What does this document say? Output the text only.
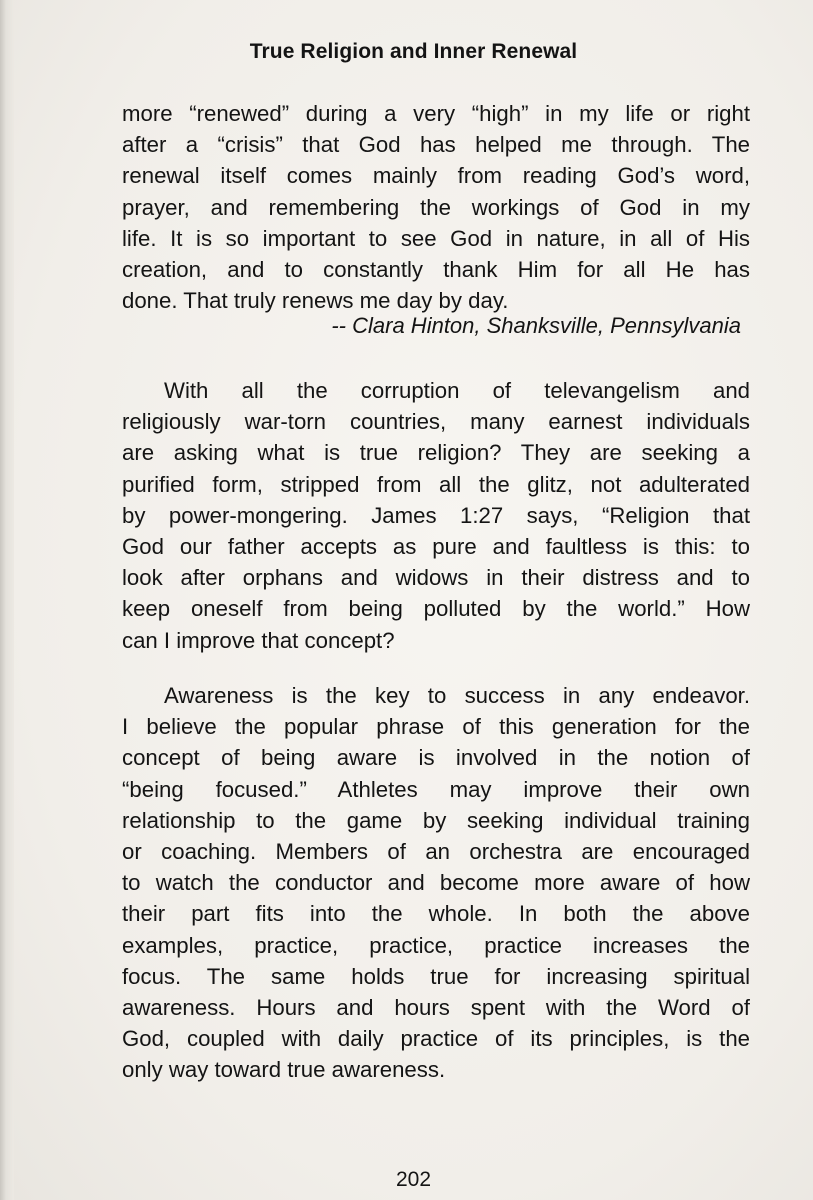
True Religion and Inner Renewal
more “renewed” during a very “high” in my life or right
after a “crisis” that God has helped me through. The
renewal itself comes mainly from reading God’s word,
prayer, and remembering the workings of God in my
life. It is so important to see God in nature, in all of His
creation, and to constantly thank Him for all He has
done. That truly renews me day by day.
-- Clara Hinton, Shanksville, Pennsylvania
With all the corruption of televangelism and
religiously war-torn countries, many earnest individuals
are asking what is true religion? They are seeking a
purified form, stripped from all the glitz, not adulterated
by power-mongering. James 1:27 says, “Religion that
God our father accepts as pure and faultless is this: to
look after orphans and widows in their distress and to
keep oneself from being polluted by the world.” How
can I improve that concept?
Awareness is the key to success in any endeavor.
I believe the popular phrase of this generation for the
concept of being aware is involved in the notion of
“being focused.” Athletes may improve their own
relationship to the game by seeking individual training
or coaching. Members of an orchestra are encouraged
to watch the conductor and become more aware of how
their part fits into the whole. In both the above
examples, practice, practice, practice increases the
focus. The same holds true for increasing spiritual
awareness. Hours and hours spent with the Word of
God, coupled with daily practice of its principles, is the
only way toward true awareness.
202
